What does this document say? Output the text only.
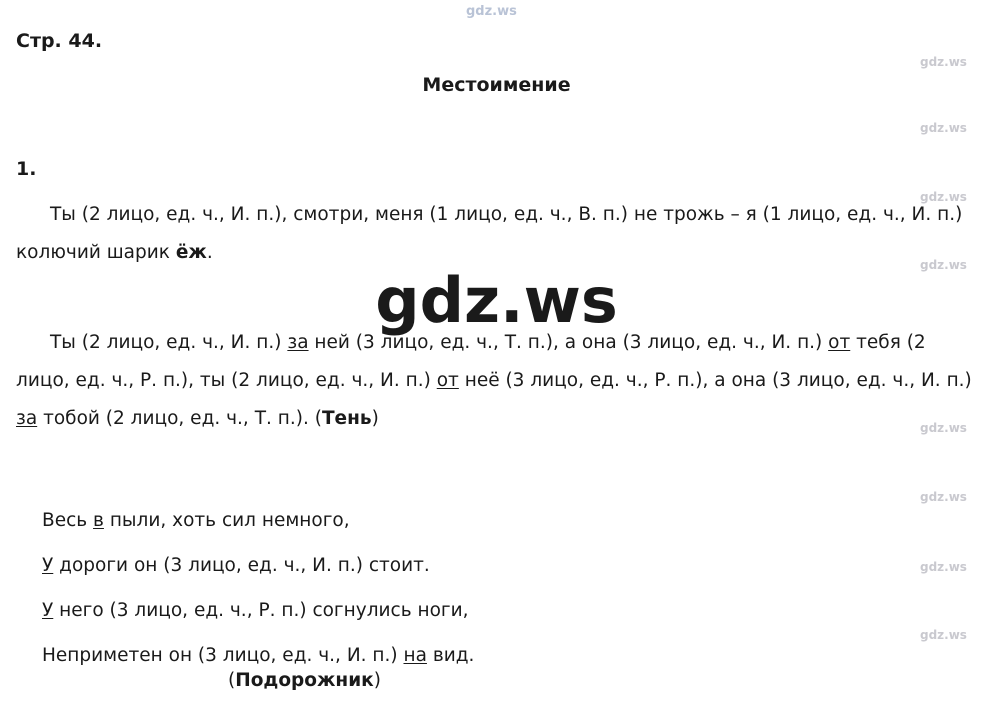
gdz.ws
Стр. 44.
Местоимение
1.
Ты (2 лицо, ед. ч., И. п.), смотри, меня (1 лицо, ед. ч., В. п.) не трожь – я (1 лицо, ед. ч., И. п.) колючий шарик ёж.
gdz.ws
Ты (2 лицо, ед. ч., И. п.) за ней (3 лицо, ед. ч., Т. п.), а она (3 лицо, ед. ч., И. п.) от тебя (2 лицо, ед. ч., Р. п.), ты (2 лицо, ед. ч., И. п.) от неё (3 лицо, ед. ч., Р. п.), а она (3 лицо, ед. ч., И. п.) за тобой (2 лицо, ед. ч., Т. п.). (Тень)
Весь в пыли, хоть сил немного,
У дороги он (3 лицо, ед. ч., И. п.) стоит.
У него (3 лицо, ед. ч., Р. п.) согнулись ноги,
Неприметен он (3 лицо, ед. ч., И. п.) на вид.
(Подорожник)
gdz.ws
gdz.ws
gdz.ws
gdz.ws
gdz.ws
gdz.ws
gdz.ws
gdz.ws
